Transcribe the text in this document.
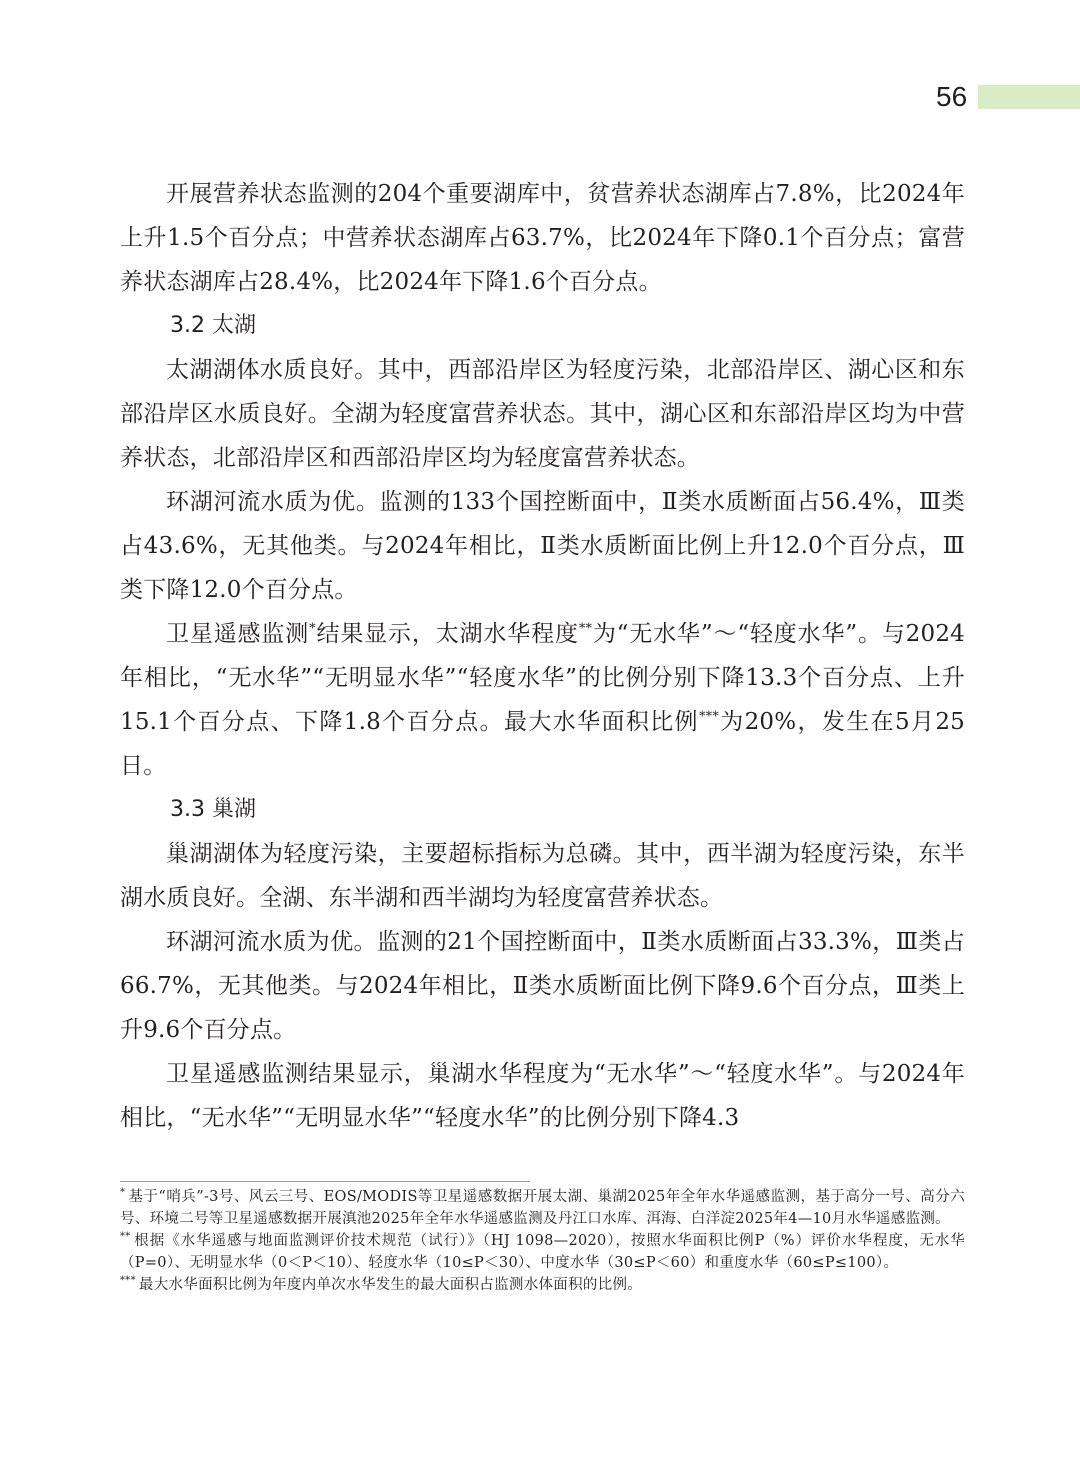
56

开展营养状态监测的204个重要湖库中，贫营养状态湖库占7.8%，比2024年上升1.5个百分点；中营养状态湖库占63.7%，比2024年下降0.1个百分点；富营养状态湖库占28.4%，比2024年下降1.6个百分点。

3.2 太湖

太湖湖体水质良好。其中，西部沿岸区为轻度污染，北部沿岸区、湖心区和东部沿岸区水质良好。全湖为轻度富营养状态。其中，湖心区和东部沿岸区均为中营养状态，北部沿岸区和西部沿岸区均为轻度富营养状态。

环湖河流水质为优。监测的133个国控断面中，Ⅱ类水质断面占56.4%，Ⅲ类占43.6%，无其他类。与2024年相比，Ⅱ类水质断面比例上升12.0个百分点，Ⅲ类下降12.0个百分点。

卫星遥感监测*结果显示，太湖水华程度**为“无水华”～“轻度水华”。与2024年相比，“无水华”“无明显水华”“轻度水华”的比例分别下降13.3个百分点、上升15.1个百分点、下降1.8个百分点。最大水华面积比例***为20%，发生在5月25日。

3.3 巢湖

巢湖湖体为轻度污染，主要超标指标为总磷。其中，西半湖为轻度污染，东半湖水质良好。全湖、东半湖和西半湖均为轻度富营养状态。

环湖河流水质为优。监测的21个国控断面中，Ⅱ类水质断面占33.3%，Ⅲ类占66.7%，无其他类。与2024年相比，Ⅱ类水质断面比例下降9.6个百分点，Ⅲ类上升9.6个百分点。

卫星遥感监测结果显示，巢湖水华程度为“无水华”～“轻度水华”。与2024年相比，“无水华”“无明显水华”“轻度水华”的比例分别下降4.3

* 基于“哨兵”-3号、风云三号、EOS/MODIS等卫星遥感数据开展太湖、巢湖2025年全年水华遥感监测，基于高分一号、高分六号、环境二号等卫星遥感数据开展滇池2025年全年水华遥感监测及丹江口水库、洱海、白洋淀2025年4—10月水华遥感监测。

** 根据《水华遥感与地面监测评价技术规范（试行）》（HJ 1098—2020），按照水华面积比例P（%）评价水华程度，无水华（P=0）、无明显水华（0＜P＜10）、轻度水华（10≤P＜30）、中度水华（30≤P＜60）和重度水华（60≤P≤100）。

*** 最大水华面积比例为年度内单次水华发生的最大面积占监测水体面积的比例。
